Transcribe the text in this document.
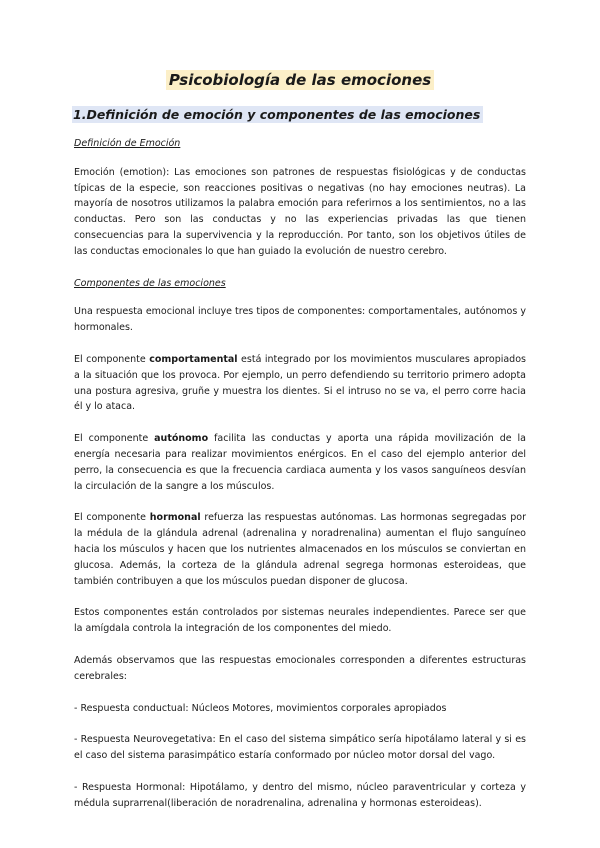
Psicobiología de las emociones
1.Definición de emoción y componentes de las emociones

Definición de Emoción

Emoción (emotion): Las emociones son patrones de respuestas fisiológicas y de conductas típicas de la especie, son reacciones positivas o negativas (no hay emociones neutras). La mayoría de nosotros utilizamos la palabra emoción para referirnos a los sentimientos, no a las conductas. Pero son las conductas y no las experiencias privadas las que tienen consecuencias para la supervivencia y la reproducción. Por tanto, son los objetivos útiles de las conductas emocionales lo que han guiado la evolución de nuestro cerebro.

Componentes de las emociones

Una respuesta emocional incluye tres tipos de componentes: comportamentales, autónomos y hormonales.

El componente comportamental está integrado por los movimientos musculares apropiados a la situación que los provoca. Por ejemplo, un perro defendiendo su territorio primero adopta una postura agresiva, gruñe y muestra los dientes. Si el intruso no se va, el perro corre hacia él y lo ataca.

El componente autónomo facilita las conductas y aporta una rápida movilización de la energía necesaria para realizar movimientos enérgicos. En el caso del ejemplo anterior del perro, la consecuencia es que la frecuencia cardiaca aumenta y los vasos sanguíneos desvían la circulación de la sangre a los músculos.

El componente hormonal refuerza las respuestas autónomas. Las hormonas segregadas por la médula de la glándula adrenal (adrenalina y noradrenalina) aumentan el flujo sanguíneo hacia los músculos y hacen que los nutrientes almacenados en los músculos se conviertan en glucosa. Además, la corteza de la glándula adrenal segrega hormonas esteroideas, que también contribuyen a que los músculos puedan disponer de glucosa.

Estos componentes están controlados por sistemas neurales independientes. Parece ser que la amígdala controla la integración de los componentes del miedo.

Además observamos que las respuestas emocionales corresponden a diferentes estructuras cerebrales:

- Respuesta conductual: Núcleos Motores, movimientos corporales apropiados

- Respuesta Neurovegetativa: En el caso del sistema simpático sería hipotálamo lateral y si es el caso del sistema parasimpático estaría conformado por núcleo motor dorsal del vago.

- Respuesta Hormonal: Hipotálamo, y dentro del mismo, núcleo paraventricular y corteza y médula suprarrenal(liberación de noradrenalina, adrenalina y hormonas esteroideas).
